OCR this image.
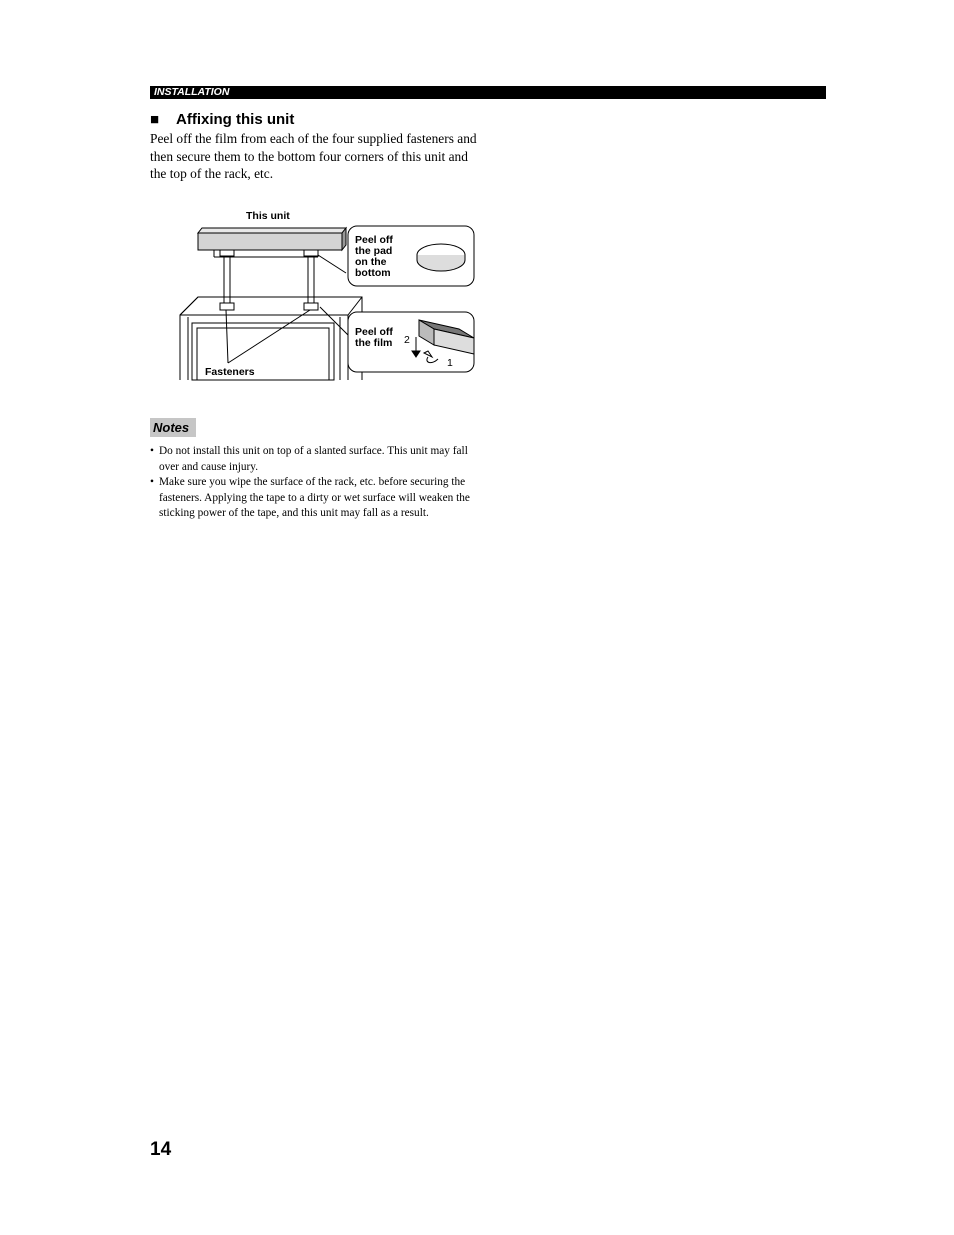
INSTALLATION
■ Affixing this unit

Peel off the film from each of the four supplied fasteners and then secure them to the bottom four corners of this unit and the top of the rack, etc.

This unit
Fasteners
Peel off
the pad
on the
bottom
Peel off
the film 2
1
Notes
• Do not install this unit on top of a slanted surface. This unit may fall over and cause injury.
• Make sure you wipe the surface of the rack, etc. before securing the fasteners. Applying the tape to a dirty or wet surface will weaken the sticking power of the tape, and this unit may fall as a result.
14
